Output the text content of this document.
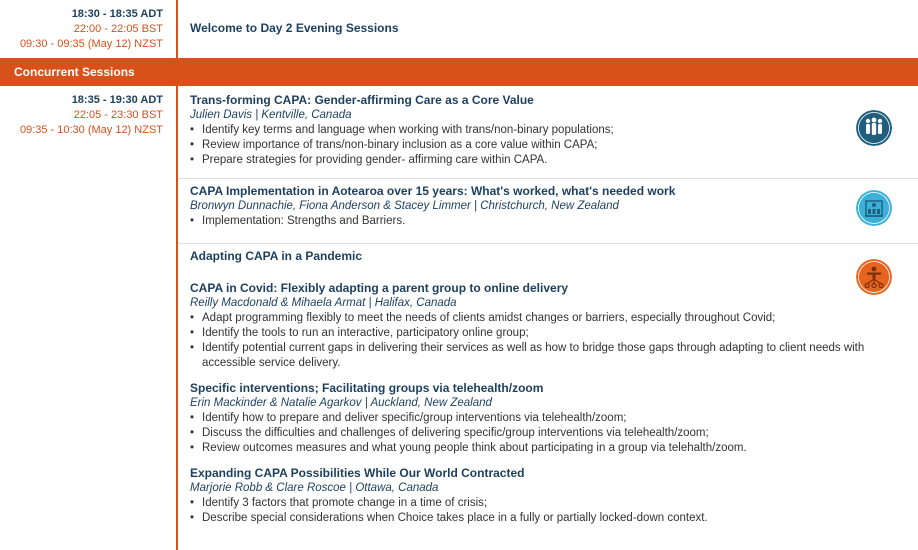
18:30 - 18:35 ADT
22:00 - 22:05 BST
09:30 - 09:35 (May 12) NZST
Welcome to Day 2 Evening Sessions
Concurrent Sessions
18:35 - 19:30 ADT
22:05 - 23:30 BST
09:35 - 10:30 (May 12) NZST
Trans-forming CAPA: Gender-affirming Care as a Core Value
Julien Davis | Kentville, Canada
• Identify key terms and language when working with trans/non-binary populations;
• Review importance of trans/non-binary inclusion as a core value within CAPA;
• Prepare strategies for providing gender- affirming care within CAPA.
CAPA Implementation in Aotearoa over 15 years: What's worked, what's needed work
Bronwyn Dunnachie, Fiona Anderson & Stacey Limmer | Christchurch, New Zealand
• Implementation: Strengths and Barriers.
Adapting CAPA in a Pandemic
CAPA in Covid: Flexibly adapting a parent group to online delivery
Reilly Macdonald & Mihaela Armat | Halifax, Canada
• Adapt programming flexibly to meet the needs of clients amidst changes or barriers, especially throughout Covid;
• Identify the tools to run an interactive, participatory online group;
• Identify potential current gaps in delivering their services as well as how to bridge those gaps through adapting to client needs with accessible service delivery.
Specific interventions; Facilitating groups via telehealth/zoom
Erin Mackinder & Natalie Agarkov | Auckland, New Zealand
• Identify how to prepare and deliver specific/group interventions via telehealth/zoom;
• Discuss the difficulties and challenges of delivering specific/group interventions via telehealth/zoom;
• Review outcomes measures and what young people think about participating in a group via telehalth/zoom.
Expanding CAPA Possibilities While Our World Contracted
Marjorie Robb & Clare Roscoe | Ottawa, Canada
• Identify 3 factors that promote change in a time of crisis;
• Describe special considerations when Choice takes place in a fully or partially locked-down context.
